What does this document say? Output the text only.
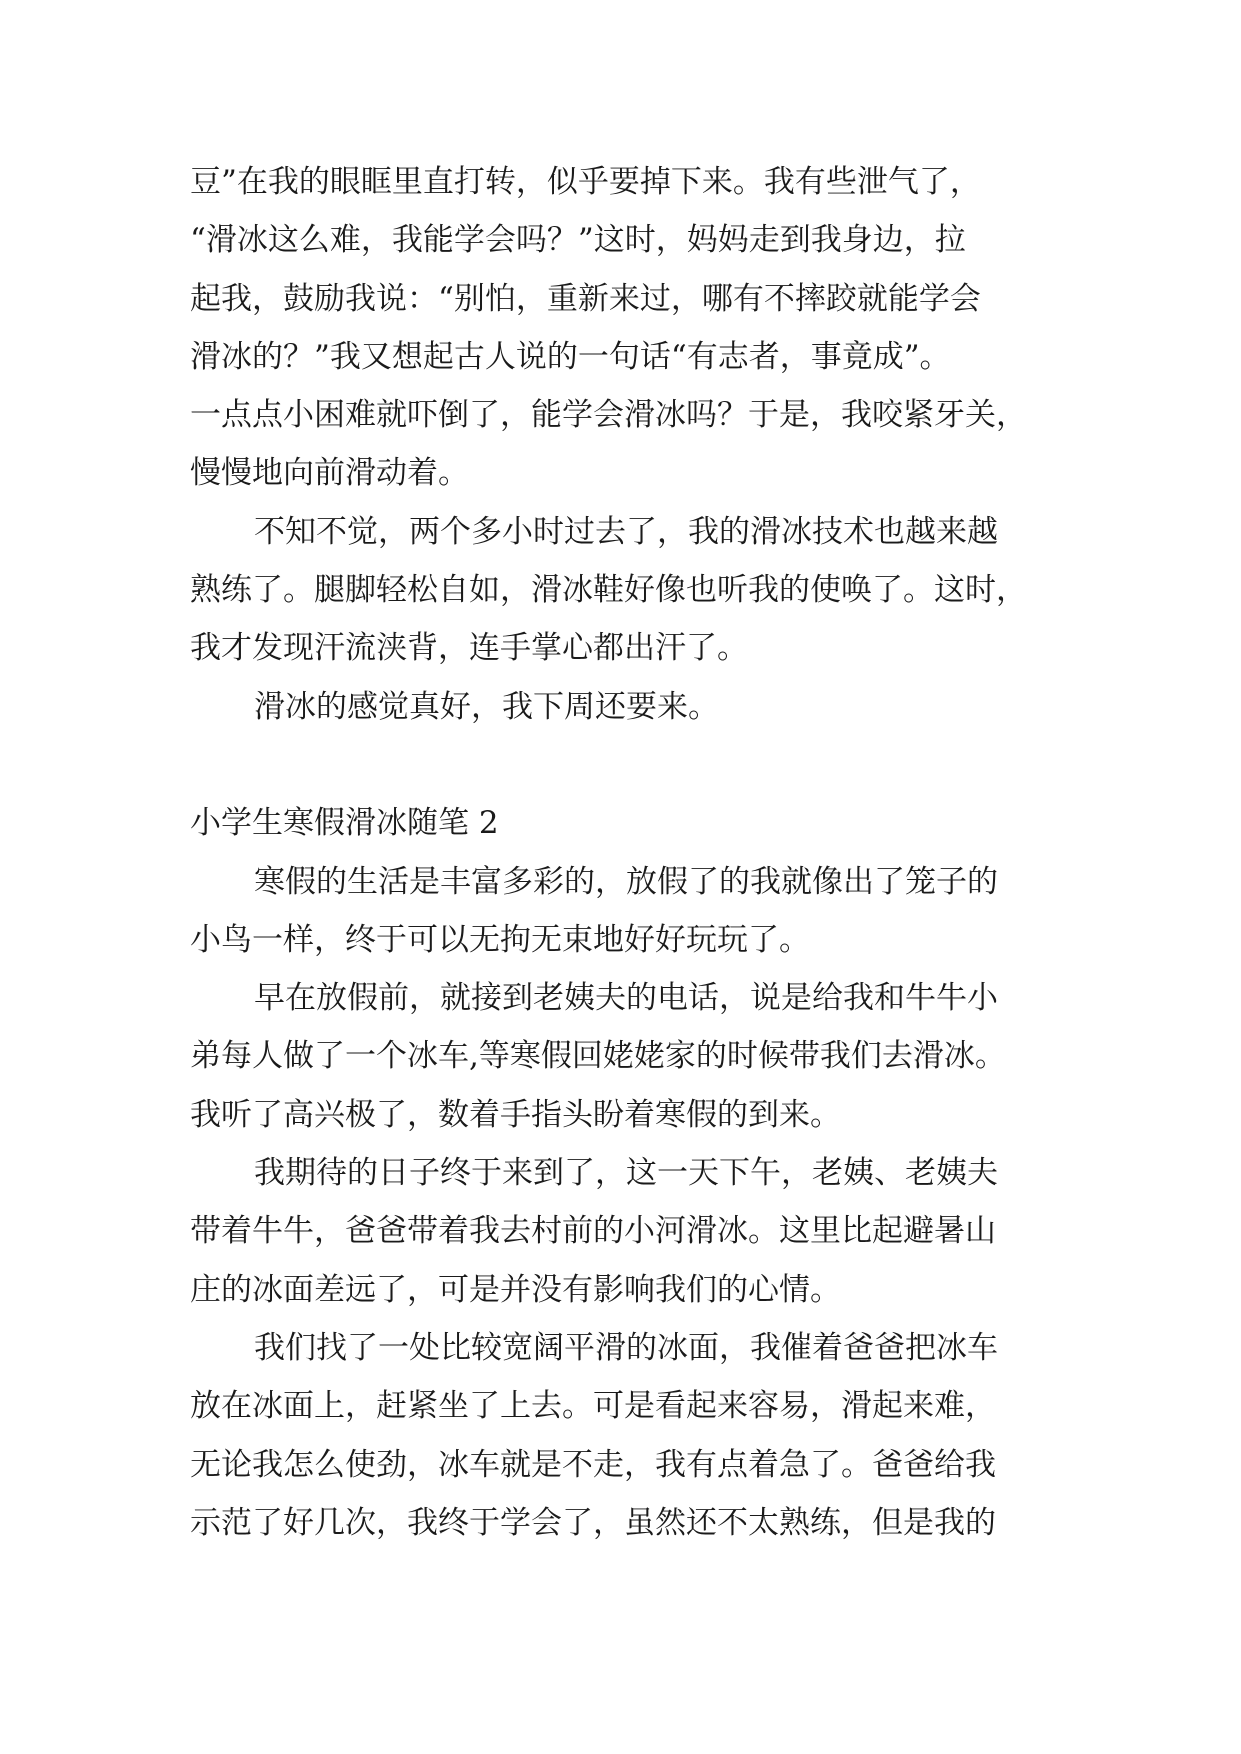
豆”在我的眼眶里直打转，似乎要掉下来。我有些泄气了，
“滑冰这么难，我能学会吗？”这时，妈妈走到我身边，拉
起我，鼓励我说：“别怕，重新来过，哪有不摔跤就能学会
滑冰的？”我又想起古人说的一句话“有志者，事竟成”。
一点点小困难就吓倒了，能学会滑冰吗？于是，我咬紧牙关，
慢慢地向前滑动着。
不知不觉，两个多小时过去了，我的滑冰技术也越来越
熟练了。腿脚轻松自如，滑冰鞋好像也听我的使唤了。这时，
我才发现汗流浃背，连手掌心都出汗了。
滑冰的感觉真好，我下周还要来。
小学生寒假滑冰随笔 2
寒假的生活是丰富多彩的，放假了的我就像出了笼子的
小鸟一样，终于可以无拘无束地好好玩玩了。
早在放假前，就接到老姨夫的电话，说是给我和牛牛小
弟每人做了一个冰车,等寒假回姥姥家的时候带我们去滑冰。
我听了高兴极了，数着手指头盼着寒假的到来。
我期待的日子终于来到了，这一天下午，老姨、老姨夫
带着牛牛，爸爸带着我去村前的小河滑冰。这里比起避暑山
庄的冰面差远了，可是并没有影响我们的心情。
我们找了一处比较宽阔平滑的冰面，我催着爸爸把冰车
放在冰面上，赶紧坐了上去。可是看起来容易，滑起来难，
无论我怎么使劲，冰车就是不走，我有点着急了。爸爸给我
示范了好几次，我终于学会了，虽然还不太熟练，但是我的
